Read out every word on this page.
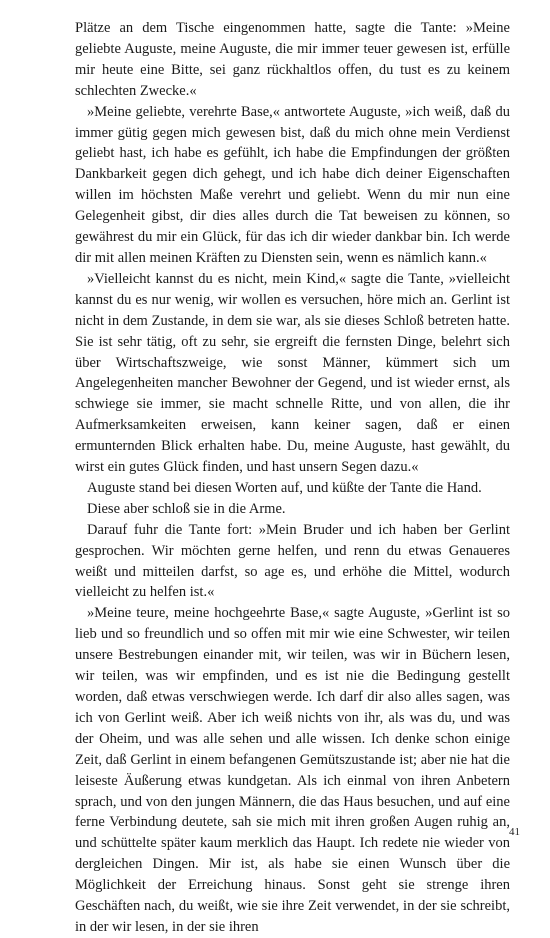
Plätze an dem Tische eingenommen hatte, sagte die Tante: »Meine geliebte Auguste, meine Auguste, die mir immer teuer gewesen ist, erfülle mir heute eine Bitte, sei ganz rückhaltlos offen, du tust es zu keinem schlechten Zwecke.«

»Meine geliebte, verehrte Base,« antwortete Auguste, »ich weiß, daß du immer gütig gegen mich gewesen bist, daß du mich ohne mein Verdienst geliebt hast, ich habe es gefühlt, ich habe die Empfindungen der größten Dankbarkeit gegen dich gehegt, und ich habe dich deiner Eigenschaften willen im höchsten Maße verehrt und geliebt. Wenn du mir nun eine Gelegenheit gibst, dir dies alles durch die Tat beweisen zu können, so gewährest du mir ein Glück, für das ich dir wieder dankbar bin. Ich werde dir mit allen meinen Kräften zu Diensten sein, wenn es nämlich kann.«

»Vielleicht kannst du es nicht, mein Kind,« sagte die Tante, »vielleicht kannst du es nur wenig, wir wollen es versuchen, höre mich an. Gerlint ist nicht in dem Zustande, in dem sie war, als sie dieses Schloß betreten hatte. Sie ist sehr tätig, oft zu sehr, sie ergreift die fernsten Dinge, belehrt sich über Wirtschaftszweige, wie sonst Männer, kümmert sich um Angelegenheiten mancher Bewohner der Gegend, und ist wieder ernst, als schwiege sie immer, sie macht schnelle Ritte, und von allen, die ihr Aufmerksamkeiten erweisen, kann keiner sagen, daß er einen ermunternden Blick erhalten habe. Du, meine Auguste, hast gewählt, du wirst ein gutes Glück finden, und hast unsern Segen dazu.«

Auguste stand bei diesen Worten auf, und küßte der Tante die Hand.

Diese aber schloß sie in die Arme.

Darauf fuhr die Tante fort: »Mein Bruder und ich haben ber Gerlint gesprochen. Wir möchten gerne helfen, und renn du etwas Genaueres weißt und mitteilen darfst, so age es, und erhöhe die Mittel, wodurch vielleicht zu helfen ist.«

»Meine teure, meine hochgeehrte Base,« sagte Auguste, »Gerlint ist so lieb und so freundlich und so offen mit mir wie eine Schwester, wir teilen unsere Bestrebungen einander mit, wir teilen, was wir in Büchern lesen, wir teilen, was wir empfinden, und es ist nie die Bedingung gestellt worden, daß etwas verschwiegen werde. Ich darf dir also alles sagen, was ich von Gerlint weiß. Aber ich weiß nichts von ihr, als was du, und was der Oheim, und was alle sehen und alle wissen. Ich denke schon einige Zeit, daß Gerlint in einem befangenen Gemütszustande ist; aber nie hat die leiseste Äußerung etwas kundgetan. Als ich einmal von ihren Anbetern sprach, und von den jungen Männern, die das Haus besuchen, und auf eine ferne Verbindung deutete, sah sie mich mit ihren großen Augen ruhig an, und schüttelte später kaum merklich das Haupt. Ich redete nie wieder von dergleichen Dingen. Mir ist, als habe sie einen Wunsch über die Möglichkeit der Erreichung hinaus. Sonst geht sie strenge ihren Geschäften nach, du weißt, wie sie ihre Zeit verwendet, in der sie schreibt, in der wir lesen, in der sie ihren

41
